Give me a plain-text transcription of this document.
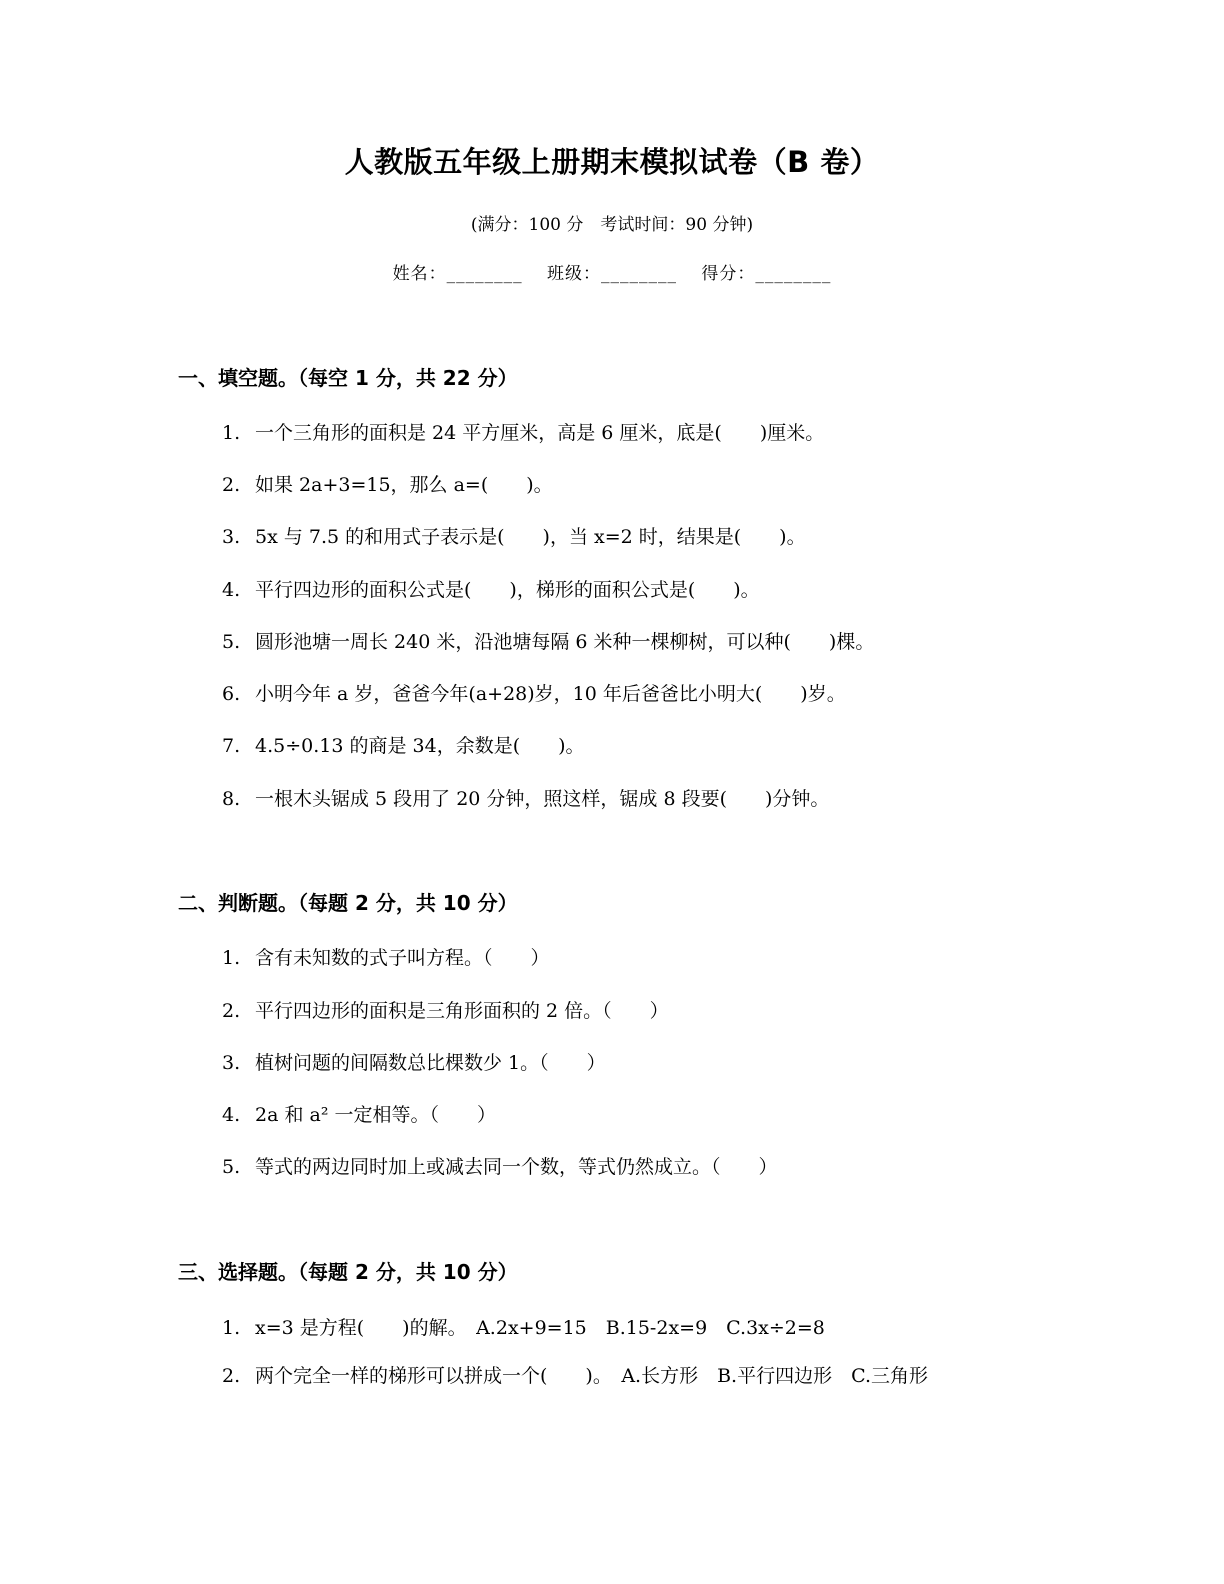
人教版五年级上册期末模拟试卷（B 卷）
(满分：100 分　考试时间：90 分钟)
姓名：________ 班级：________ 得分：________
一、填空题。（每空 1 分，共 22 分）
1. 一个三角形的面积是 24 平方厘米，高是 6 厘米，底是(　　)厘米。
2. 如果 2a+3=15，那么 a=(　　)。
3. 5x 与 7.5 的和用式子表示是(　　)，当 x=2 时，结果是(　　)。
4. 平行四边形的面积公式是(　　)，梯形的面积公式是(　　)。
5. 圆形池塘一周长 240 米，沿池塘每隔 6 米种一棵柳树，可以种(　　)棵。
6. 小明今年 a 岁，爸爸今年(a+28)岁，10 年后爸爸比小明大(　　)岁。
7. 4.5÷0.13 的商是 34，余数是(　　)。
8. 一根木头锯成 5 段用了 20 分钟，照这样，锯成 8 段要(　　)分钟。
二、判断题。（每题 2 分，共 10 分）
1. 含有未知数的式子叫方程。（　　）
2. 平行四边形的面积是三角形面积的 2 倍。（　　）
3. 植树问题的间隔数总比棵数少 1。（　　）
4. 2a 和 a² 一定相等。（　　）
5. 等式的两边同时加上或减去同一个数，等式仍然成立。（　　）
三、选择题。（每题 2 分，共 10 分）
1. x=3 是方程(　　)的解。　A.2x+9=15　B.15-2x=9　C.3x÷2=8
2. 两个完全一样的梯形可以拼成一个(　　)。　A.长方形　B.平行四边形　C.三角形
